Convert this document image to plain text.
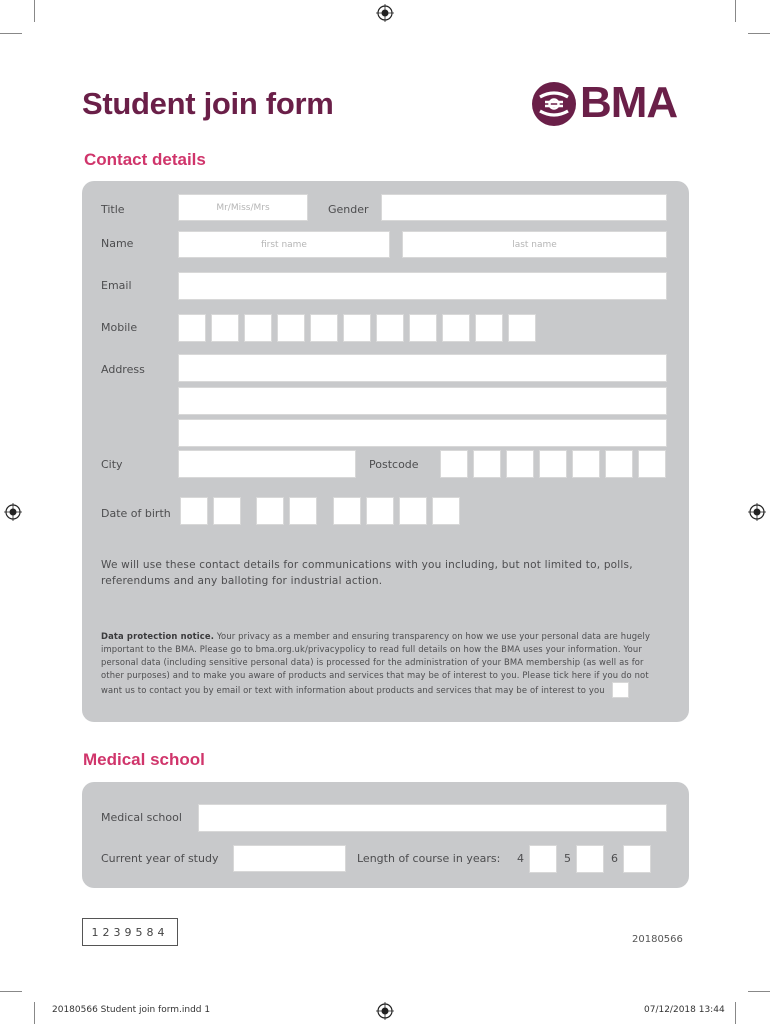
Student join form	BMA
Contact details
Title	Mr/Miss/Mrs	Gender
Name	first name	last name
Email
Mobile
Address
City	Postcode
Date of birth
We will use these contact details for communications with you including, but not limited to, polls, referendums and any balloting for industrial action.
Data protection notice. Your privacy as a member and ensuring transparency on how we use your personal data are hugely important to the BMA. Please go to bma.org.uk/privacypolicy to read full details on how the BMA uses your information. Your personal data (including sensitive personal data) is processed for the administration of your BMA membership (as well as for other purposes) and to make you aware of products and services that may be of interest to you. Please tick here if you do not want us to contact you by email or text with information about products and services that may be of interest to you
Medical school
Medical school
Current year of study	Length of course in years: 4	5	6
1239584
20180566
20180566 Student join form.indd 1	07/12/2018 13:44
